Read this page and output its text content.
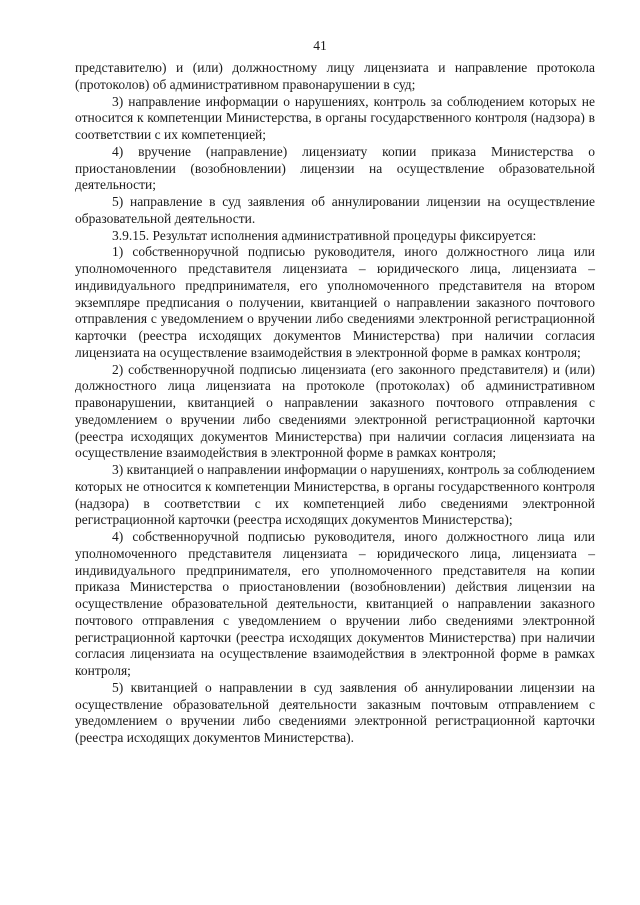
41

представителю) и (или) должностному лицу лицензиата и направление протокола (протоколов) об административном правонарушении в суд;

3) направление информации о нарушениях, контроль за соблюдением которых не относится к компетенции Министерства, в органы государственного контроля (надзора) в соответствии с их компетенцией;

4) вручение (направление) лицензиату копии приказа Министерства о приостановлении (возобновлении) лицензии на осуществление образовательной деятельности;

5) направление в суд заявления об аннулировании лицензии на осуществление образовательной деятельности.

3.9.15. Результат исполнения административной процедуры фиксируется:

1) собственноручной подписью руководителя, иного должностного лица или уполномоченного представителя лицензиата – юридического лица, лицензиата – индивидуального предпринимателя, его уполномоченного представителя на втором экземпляре предписания о получении, квитанцией о направлении заказного почтового отправления с уведомлением о вручении либо сведениями электронной регистрационной карточки (реестра исходящих документов Министерства) при наличии согласия лицензиата на осуществление взаимодействия в электронной форме в рамках контроля;

2) собственноручной подписью лицензиата (его законного представителя) и (или) должностного лица лицензиата на протоколе (протоколах) об административном правонарушении, квитанцией о направлении заказного почтового отправления с уведомлением о вручении либо сведениями электронной регистрационной карточки (реестра исходящих документов Министерства) при наличии согласия лицензиата на осуществление взаимодействия в электронной форме в рамках контроля;

3) квитанцией о направлении информации о нарушениях, контроль за соблюдением которых не относится к компетенции Министерства, в органы государственного контроля (надзора) в соответствии с их компетенцией либо сведениями электронной регистрационной карточки (реестра исходящих документов Министерства);

4) собственноручной подписью руководителя, иного должностного лица или уполномоченного представителя лицензиата – юридического лица, лицензиата – индивидуального предпринимателя, его уполномоченного представителя на копии приказа Министерства о приостановлении (возобновлении) действия лицензии на осуществление образовательной деятельности, квитанцией о направлении заказного почтового отправления с уведомлением о вручении либо сведениями электронной регистрационной карточки (реестра исходящих документов Министерства) при наличии согласия лицензиата на осуществление взаимодействия в электронной форме в рамках контроля;

5) квитанцией о направлении в суд заявления об аннулировании лицензии на осуществление образовательной деятельности заказным почтовым отправлением с уведомлением о вручении либо сведениями электронной регистрационной карточки (реестра исходящих документов Министерства).
